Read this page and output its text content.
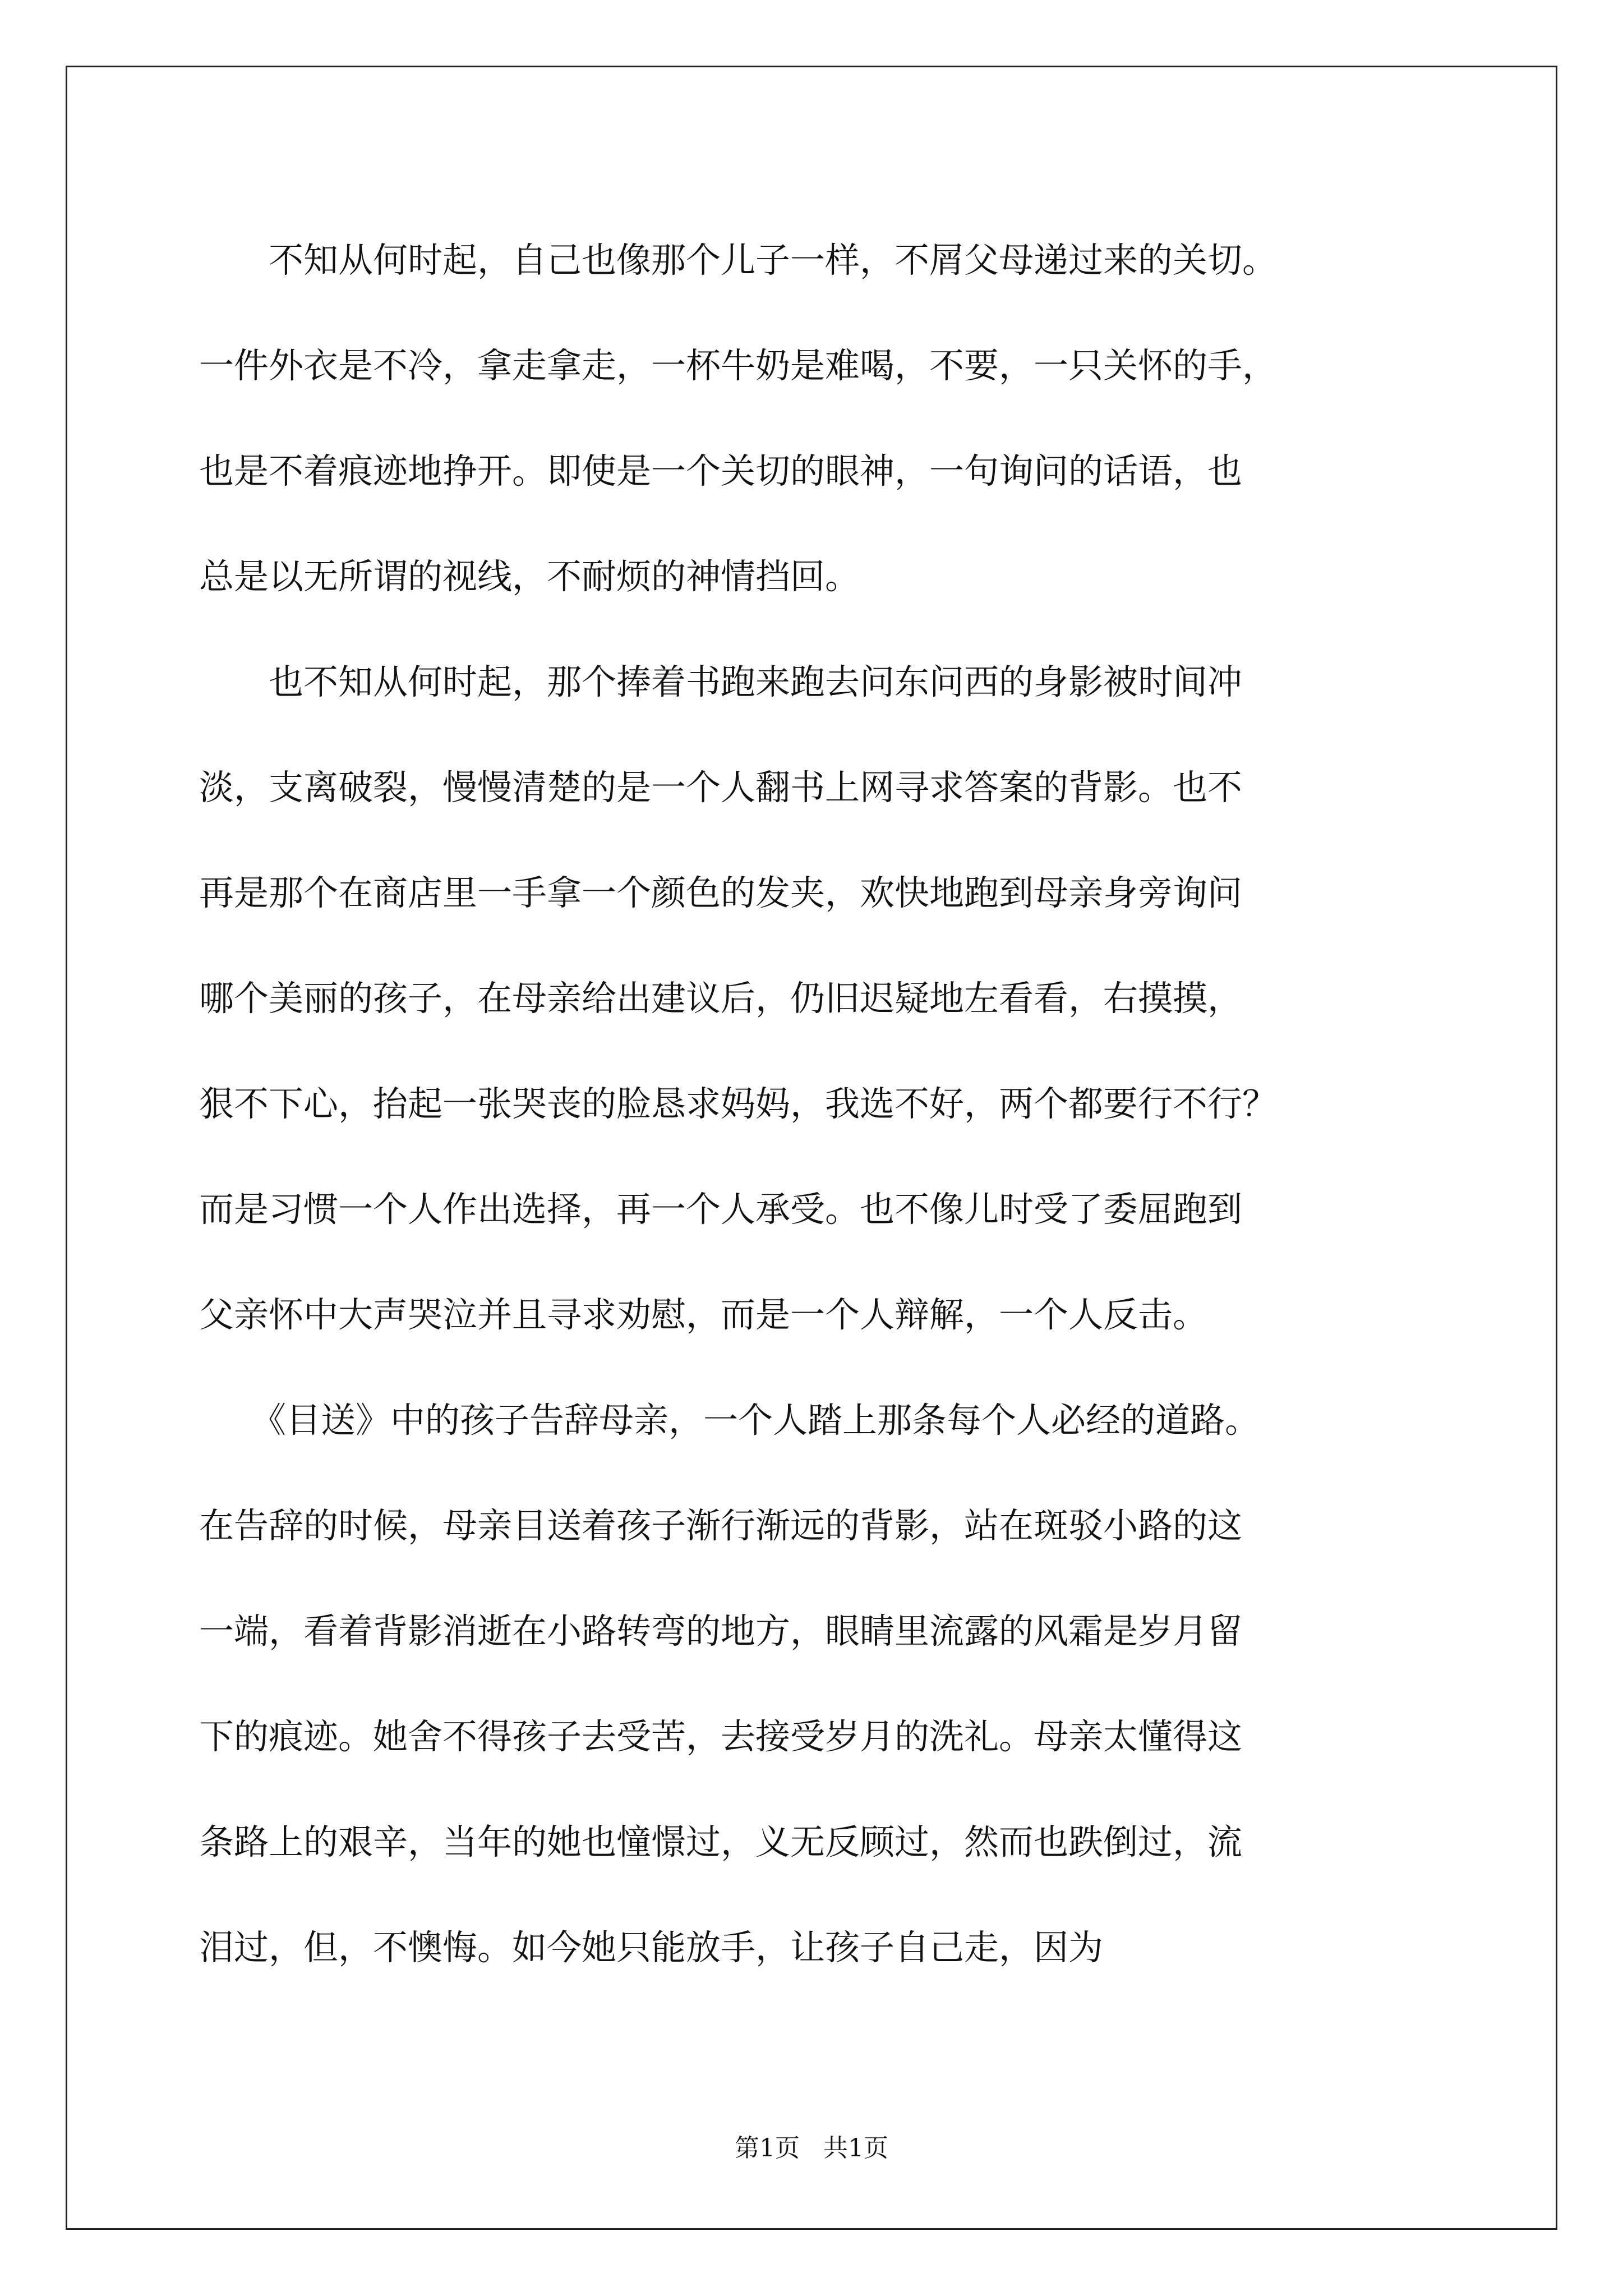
　　不知从何时起，自己也像那个儿子一样，不屑父母递过来的关切。
一件外衣是不冷，拿走拿走，一杯牛奶是难喝，不要，一只关怀的手，
也是不着痕迹地挣开。即使是一个关切的眼神，一句询问的话语，也
总是以无所谓的视线，不耐烦的神情挡回。
　　也不知从何时起，那个捧着书跑来跑去问东问西的身影被时间冲
淡，支离破裂，慢慢清楚的是一个人翻书上网寻求答案的背影。也不
再是那个在商店里一手拿一个颜色的发夹，欢快地跑到母亲身旁询问
哪个美丽的孩子，在母亲给出建议后，仍旧迟疑地左看看，右摸摸，
狠不下心，抬起一张哭丧的脸恳求妈妈，我选不好，两个都要行不行？
而是习惯一个人作出选择，再一个人承受。也不像儿时受了委屈跑到
父亲怀中大声哭泣并且寻求劝慰，而是一个人辩解，一个人反击。
　　《目送》中的孩子告辞母亲，一个人踏上那条每个人必经的道路。
在告辞的时候，母亲目送着孩子渐行渐远的背影，站在斑驳小路的这
一端，看着背影消逝在小路转弯的地方，眼睛里流露的风霜是岁月留
下的痕迹。她舍不得孩子去受苦，去接受岁月的洗礼。母亲太懂得这
条路上的艰辛，当年的她也憧憬过，义无反顾过，然而也跌倒过，流
泪过，但，不懊悔。如今她只能放手，让孩子自己走，因为
第1页   共1页
